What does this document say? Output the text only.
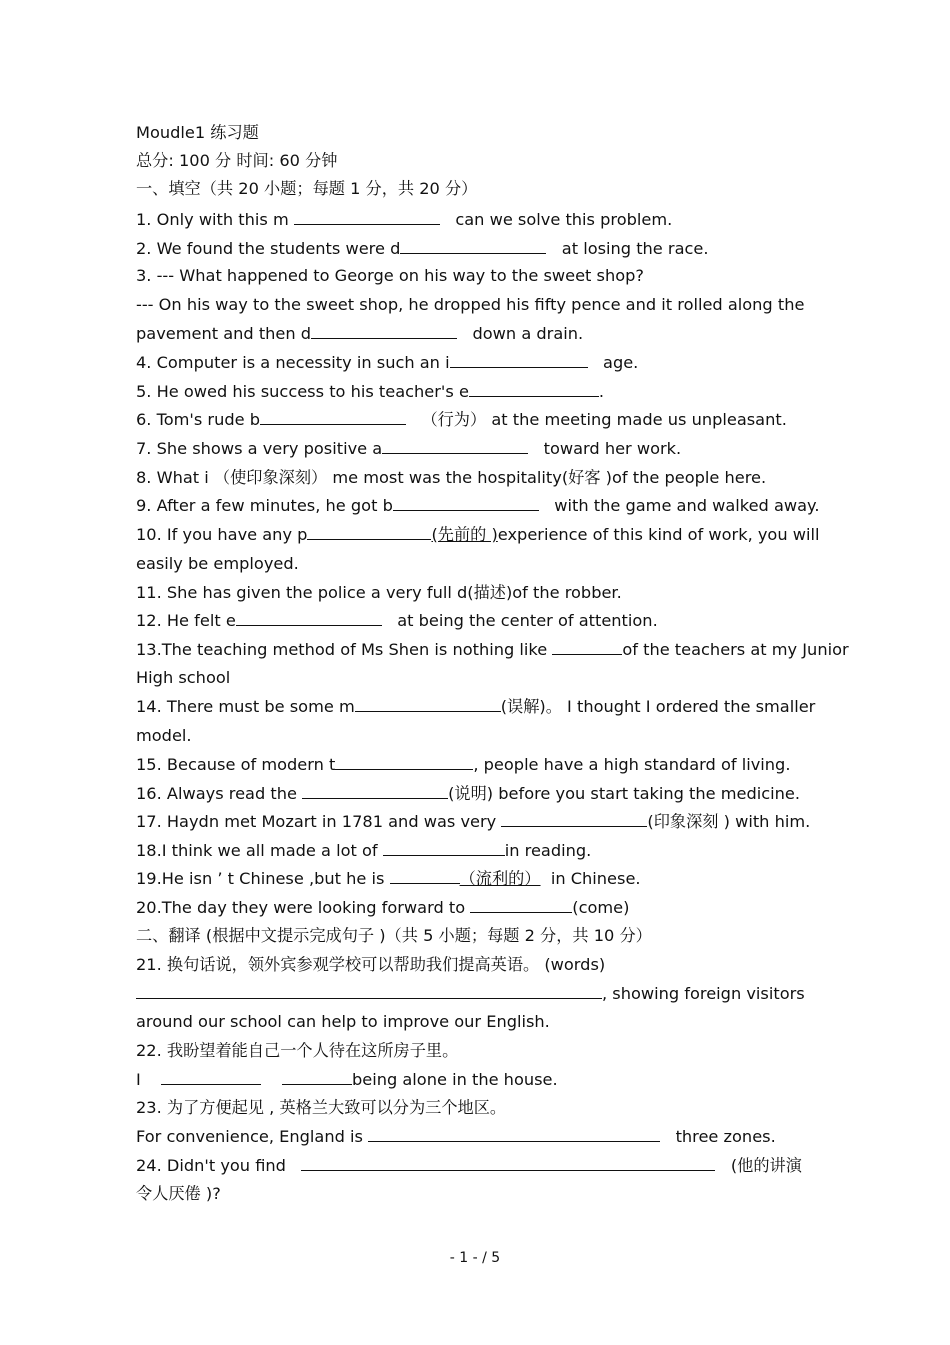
Moudle1 练习题
总分: 100 分 时间: 60 分钟
一、填空（共 20 小题；每题 1 分，共 20 分）
1. Only with this m	can we solve this problem.
2. We found the students were d	at losing the race.
3. --- What happened to George on his way to the sweet shop?
--- On his way to the sweet shop, he dropped his fifty pence and it rolled along the
pavement and then d	down a drain.
4. Computer is a necessity in such an i	age.
5. He owed his success to his teacher's e	.
6. Tom's rude b	（行为） at the meeting made us unpleasant.
7. She shows a very positive a	toward her work.
8. What i （使印象深刻） me most was the hospitality(好客 )of the people here.
9. After a few minutes, he got b	with the game and walked away.
10. If you have any p	(先前的 )experience of this kind of work, you will
easily be employed.
11. She has given the police a very full d(描述)of the robber.
12. He felt e	at being the center of attention.
13.The teaching method of Ms Shen is nothing like	of the teachers at my Junior
High school
14. There must be some m	(误解)。 I thought I ordered the smaller
model.
15. Because of modern t	, people have a high standard of living.
16. Always read the	(说明) before you start taking the medicine.
17. Haydn met Mozart in 1781 and was very	(印象深刻 ) with him.
18.I think we all made a lot of	in reading.
19.He isn ’ t Chinese ,but he is	（流利的） in Chinese.
20.The day they were looking forward to	(come)
二、翻译 (根据中文提示完成句子 )（共 5 小题；每题 2 分，共 10 分）
21. 换句话说，领外宾参观学校可以帮助我们提高英语。 (words)
, showing foreign visitors
around our school can help to improve our English.
22. 我盼望着能自己一个人待在这所房子里。
I	being alone in the house.
23. 为了方便起见 , 英格兰大致可以分为三个地区。
For convenience, England is	three zones.
24. Didn't you find	(他的讲演
令人厌倦 )?
- 1 - / 5
